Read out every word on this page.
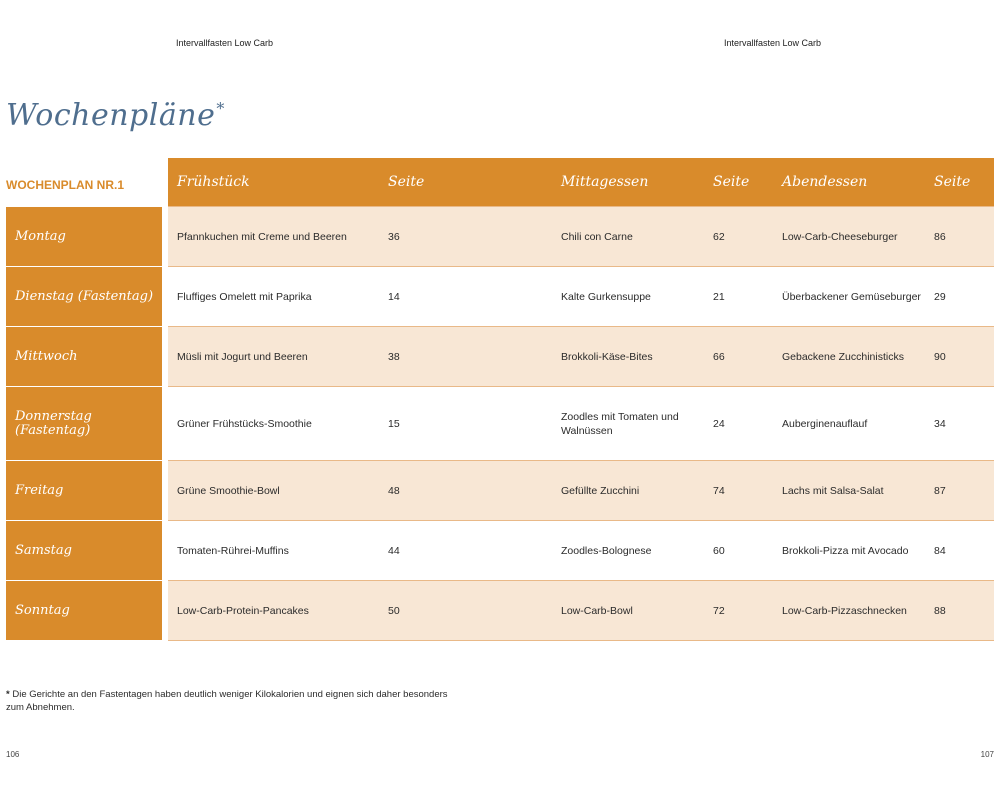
Intervallfasten Low Carb	Intervallfasten Low Carb
Wochenpläne*
WOCHENPLAN NR.1	Frühstück	Seite	Mittagessen	Seite	Abendessen	Seite
Montag	Pfannkuchen mit Creme und Beeren	36	Chili con Carne	62	Low-Carb-Cheeseburger	86
Dienstag (Fastentag)	Fluffiges Omelett mit Paprika	14	Kalte Gurkensuppe	21	Überbackener Gemüseburger	29
Mittwoch	Müsli mit Jogurt und Beeren	38	Brokkoli-Käse-Bites	66	Gebackene Zucchinisticks	90
Donnerstag (Fastentag)	Grüner Frühstücks-Smoothie	15	Zoodles mit Tomaten und Walnüssen	24	Auberginenauflauf	34
Freitag	Grüne Smoothie-Bowl	48	Gefüllte Zucchini	74	Lachs mit Salsa-Salat	87
Samstag	Tomaten-Rührei-Muffins	44	Zoodles-Bolognese	60	Brokkoli-Pizza mit Avocado	84
Sonntag	Low-Carb-Protein-Pancakes	50	Low-Carb-Bowl	72	Low-Carb-Pizzaschnecken	88
* Die Gerichte an den Fastentagen haben deutlich weniger Kilokalorien und eignen sich daher besonders zum Abnehmen.
106	107
